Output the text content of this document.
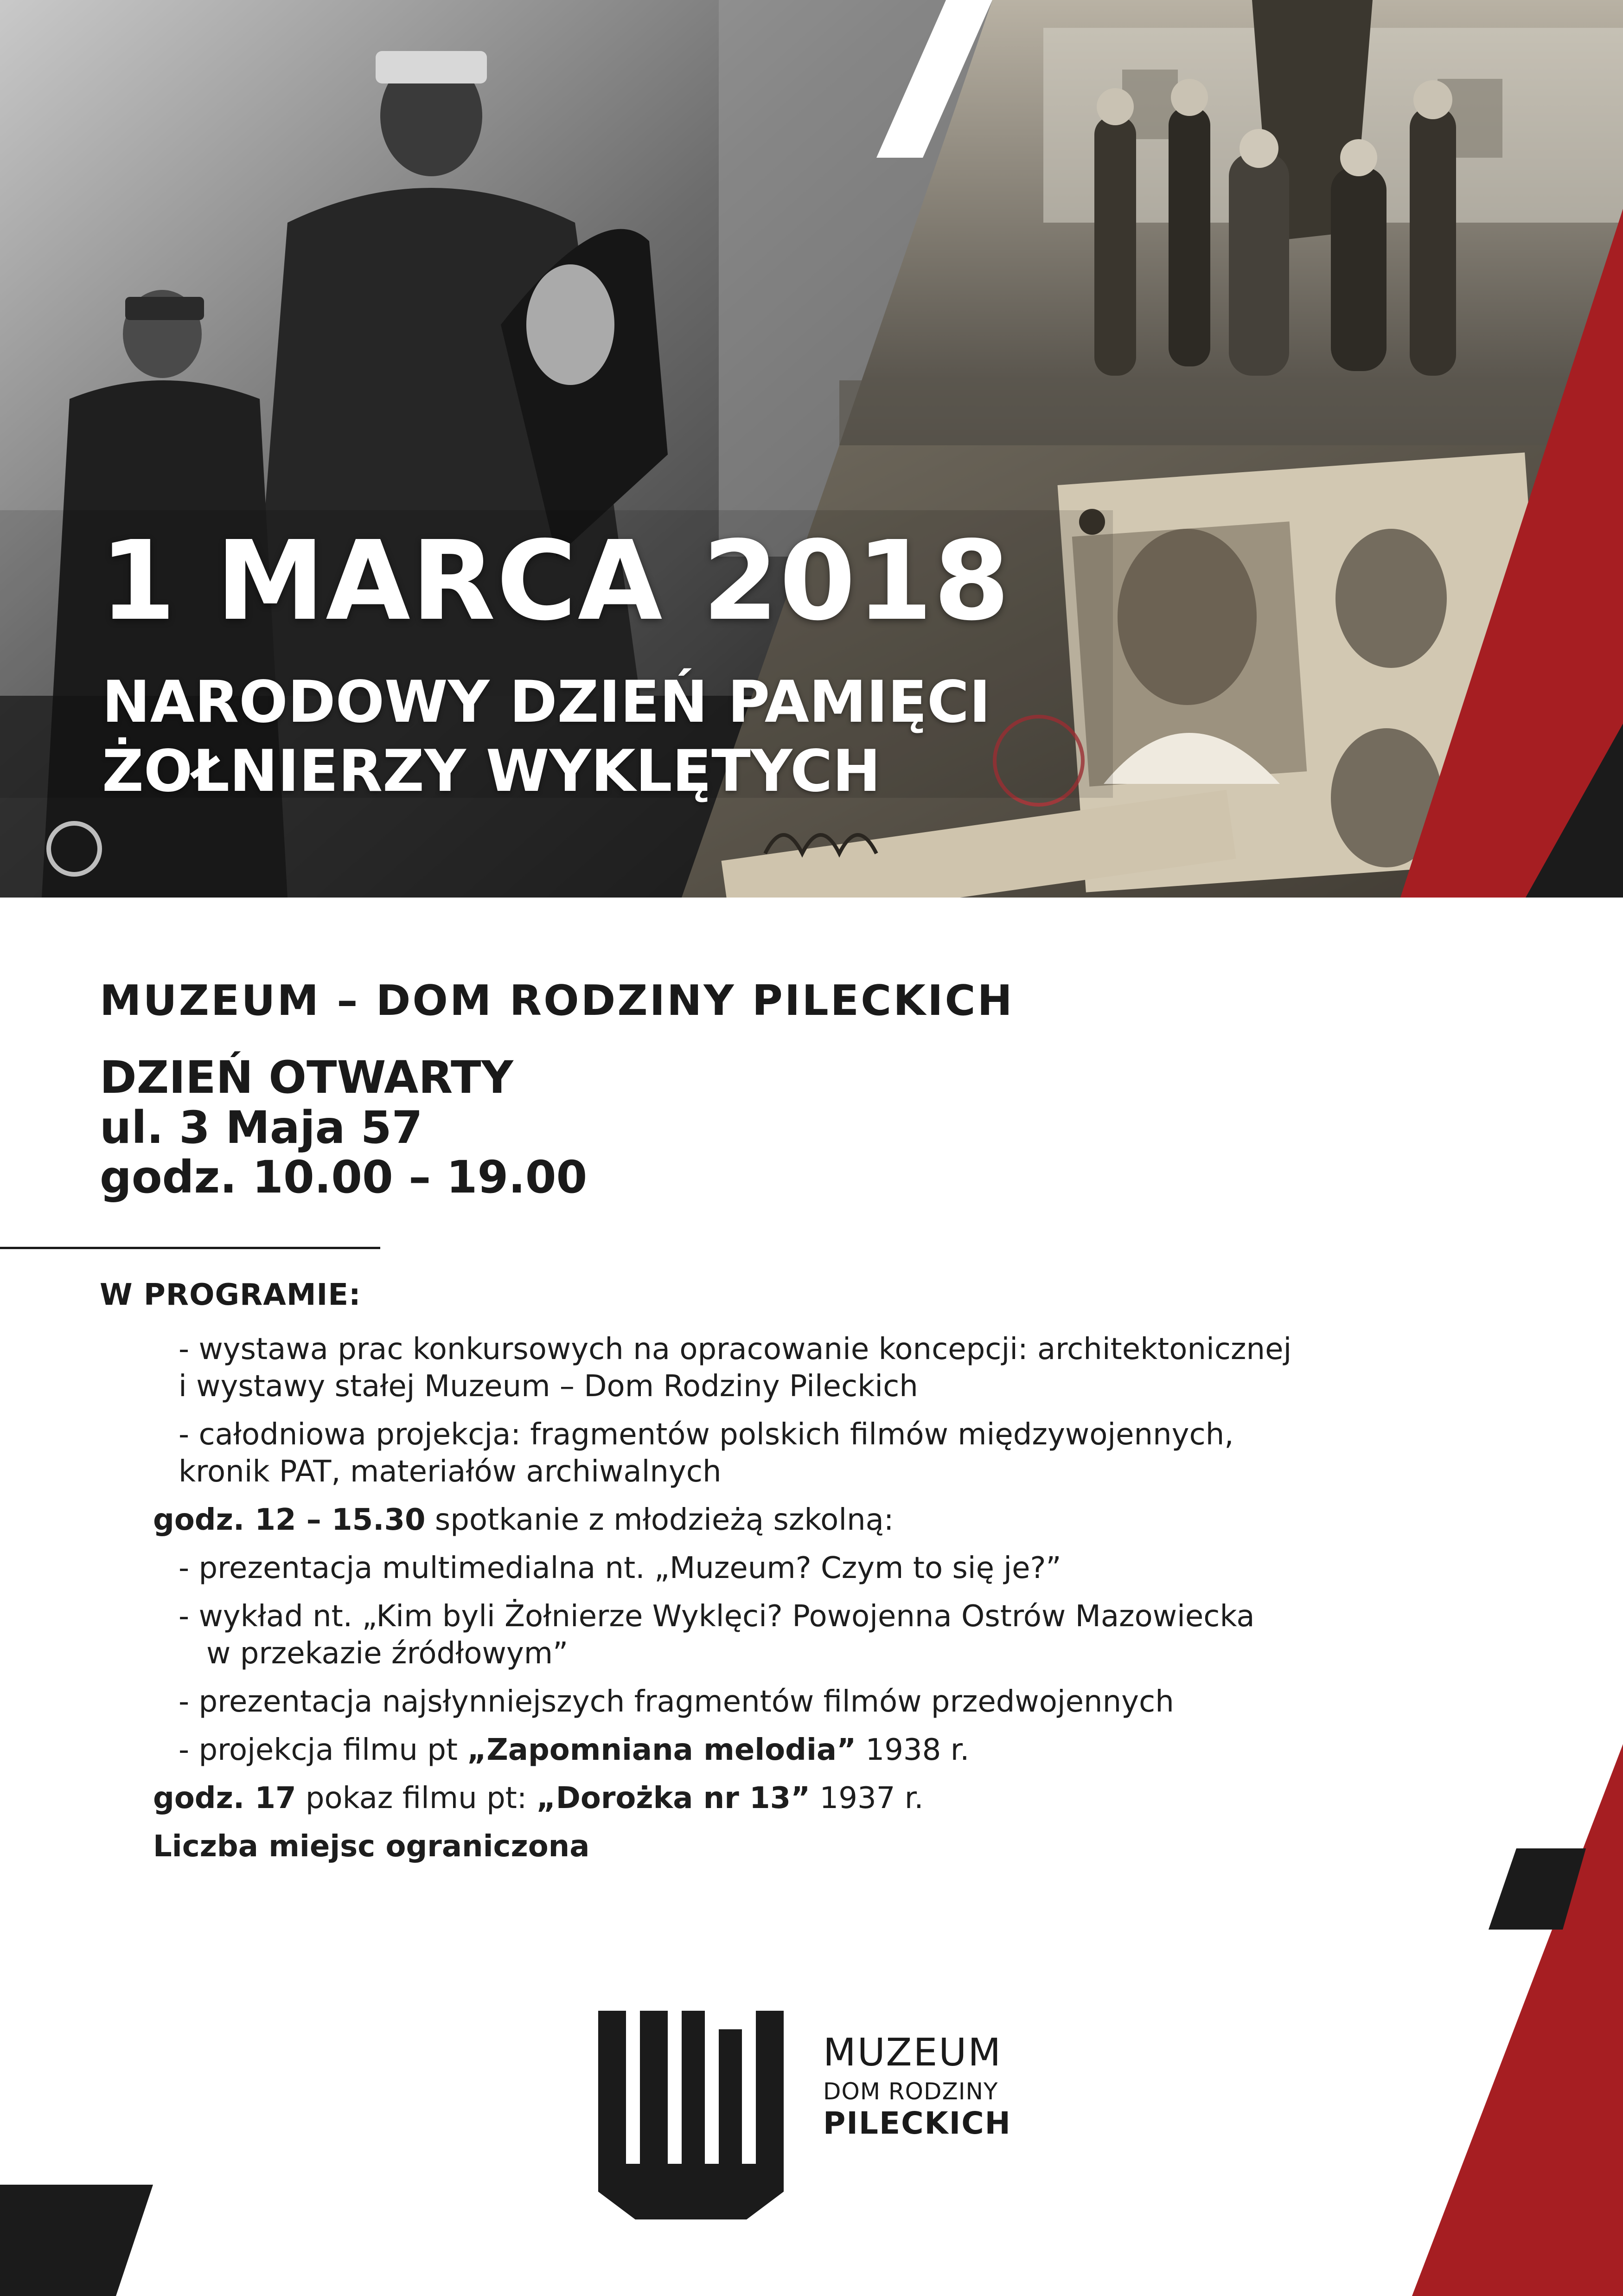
1 MARCA 2018
NARODOWY DZIEŃ PAMIĘCI
ŻOŁNIERZY WYKLĘTYCH
MUZEUM – DOM RODZINY PILECKICH
DZIEŃ OTWARTY
ul. 3 Maja 57
godz. 10.00 – 19.00
W PROGRAMIE:
- wystawa prac konkursowych na opracowanie koncepcji: architektonicznej
i wystawy stałej Muzeum – Dom Rodziny Pileckich
- całodniowa projekcja: fragmentów polskich filmów międzywojennych,
kronik PAT, materiałów archiwalnych
godz. 12 – 15.30 spotkanie z młodzieżą szkolną:
- prezentacja multimedialna nt. „Muzeum? Czym to się je?”
- wykład nt. „Kim byli Żołnierze Wyklęci? Powojenna Ostrów Mazowiecka
w przekazie źródłowym”
- prezentacja najsłynniejszych fragmentów filmów przedwojennych
- projekcja filmu pt „Zapomniana melodia” 1938 r.
godz. 17 pokaz filmu pt: „Dorożka nr 13” 1937 r.
Liczba miejsc ograniczona
MUZEUM
DOM RODZINY
PILECKICH
